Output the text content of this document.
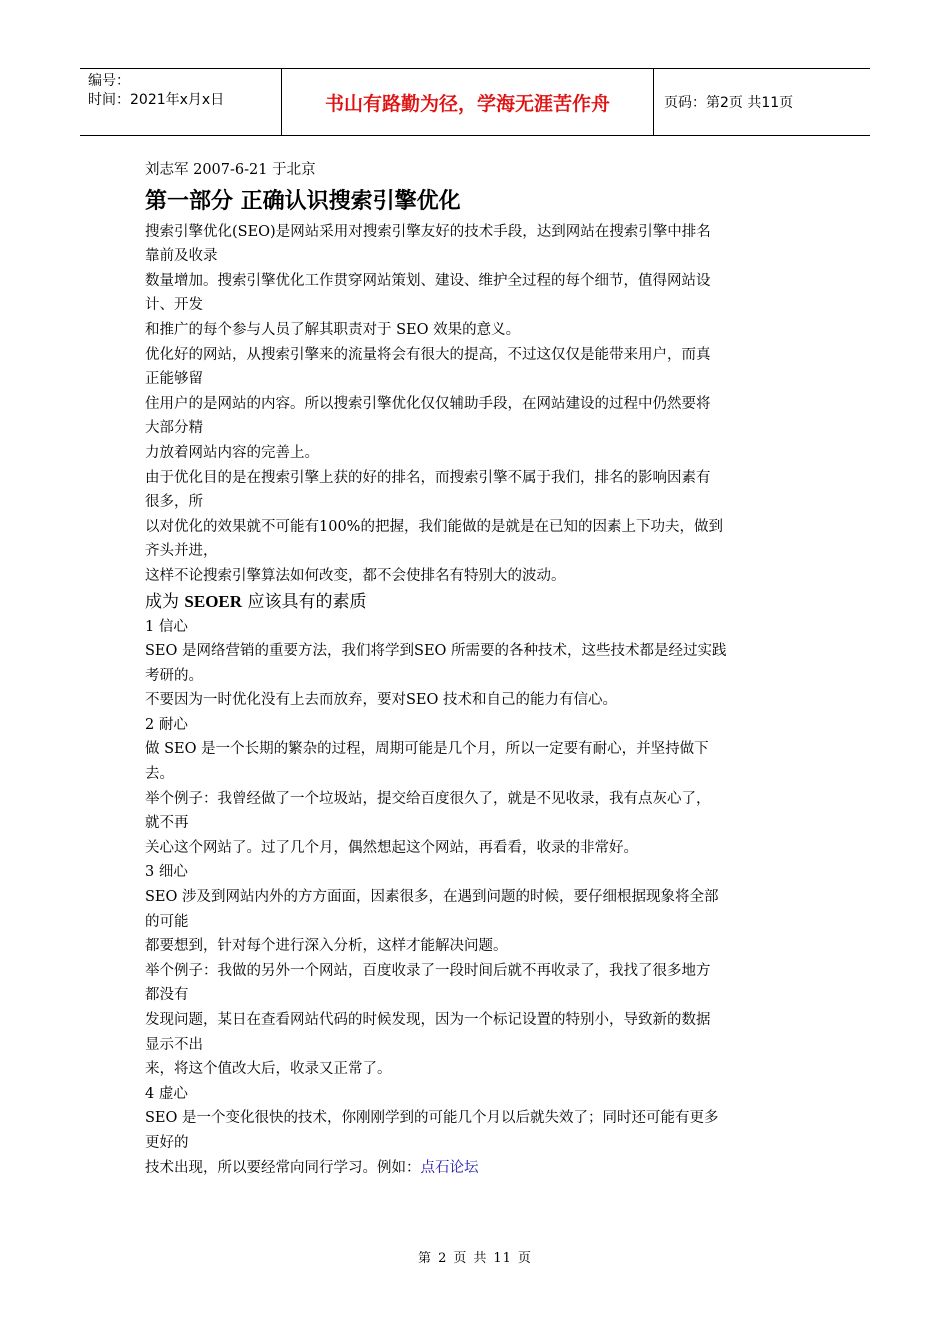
编号：
时间：2021年x月x日	书山有路勤为径，学海无涯苦作舟	页码：第2页 共11页
刘志军 2007-6-21 于北京
第一部分 正确认识搜索引擎优化
搜索引擎优化(SEO)是网站采用对搜索引擎友好的技术手段，达到网站在搜索引擎中排名
靠前及收录
数量增加。搜索引擎优化工作贯穿网站策划、建设、维护全过程的每个细节，值得网站设
计、开发
和推广的每个参与人员了解其职责对于 SEO 效果的意义。
优化好的网站，从搜索引擎来的流量将会有很大的提高，不过这仅仅是能带来用户，而真
正能够留
住用户的是网站的内容。所以搜索引擎优化仅仅辅助手段，在网站建设的过程中仍然要将
大部分精
力放着网站内容的完善上。
由于优化目的是在搜索引擎上获的好的排名，而搜索引擎不属于我们，排名的影响因素有
很多，所
以对优化的效果就不可能有100%的把握，我们能做的是就是在已知的因素上下功夫，做到
齐头并进，
这样不论搜索引擎算法如何改变，都不会使排名有特别大的波动。
成为 SEOER 应该具有的素质
1 信心
SEO 是网络营销的重要方法，我们将学到SEO 所需要的各种技术，这些技术都是经过实践
考研的。
不要因为一时优化没有上去而放弃，要对SEO 技术和自己的能力有信心。
2 耐心
做 SEO 是一个长期的繁杂的过程，周期可能是几个月，所以一定要有耐心，并坚持做下
去。
举个例子：我曾经做了一个垃圾站，提交给百度很久了，就是不见收录，我有点灰心了，
就不再
关心这个网站了。过了几个月，偶然想起这个网站，再看看，收录的非常好。
3 细心
SEO 涉及到网站内外的方方面面，因素很多，在遇到问题的时候，要仔细根据现象将全部
的可能
都要想到，针对每个进行深入分析，这样才能解决问题。
举个例子：我做的另外一个网站，百度收录了一段时间后就不再收录了，我找了很多地方
都没有
发现问题，某日在查看网站代码的时候发现，因为一个标记设置的特别小，导致新的数据
显示不出
来，将这个值改大后，收录又正常了。
4 虚心
SEO 是一个变化很快的技术，你刚刚学到的可能几个月以后就失效了；同时还可能有更多
更好的
技术出现，所以要经常向同行学习。例如：点石论坛
第 2 页 共 11 页
